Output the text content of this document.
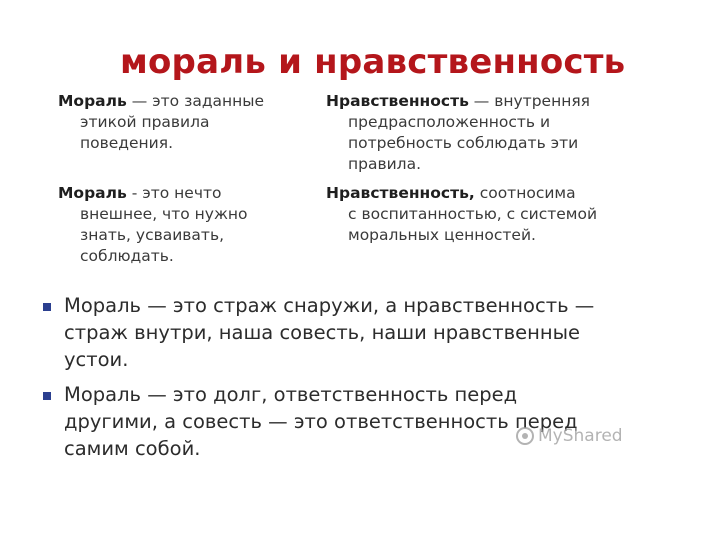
мораль и нравственность
Мораль — это заданные
этикой правила
поведения.
Мораль - это нечто
внешнее, что нужно
знать, усваивать,
соблюдать.
Нравственность — внутренняя
предрасположенность и
потребность соблюдать эти
правила.
Нравственность, соотносима
с воспитанностью, с системой
моральных ценностей.
Мораль — это страж снаружи, а нравственность —
страж внутри, наша совесть, наши нравственные
устои.
Мораль — это долг, ответственность перед
другими, а совесть — это ответственность перед
самим собой.
MyShared
